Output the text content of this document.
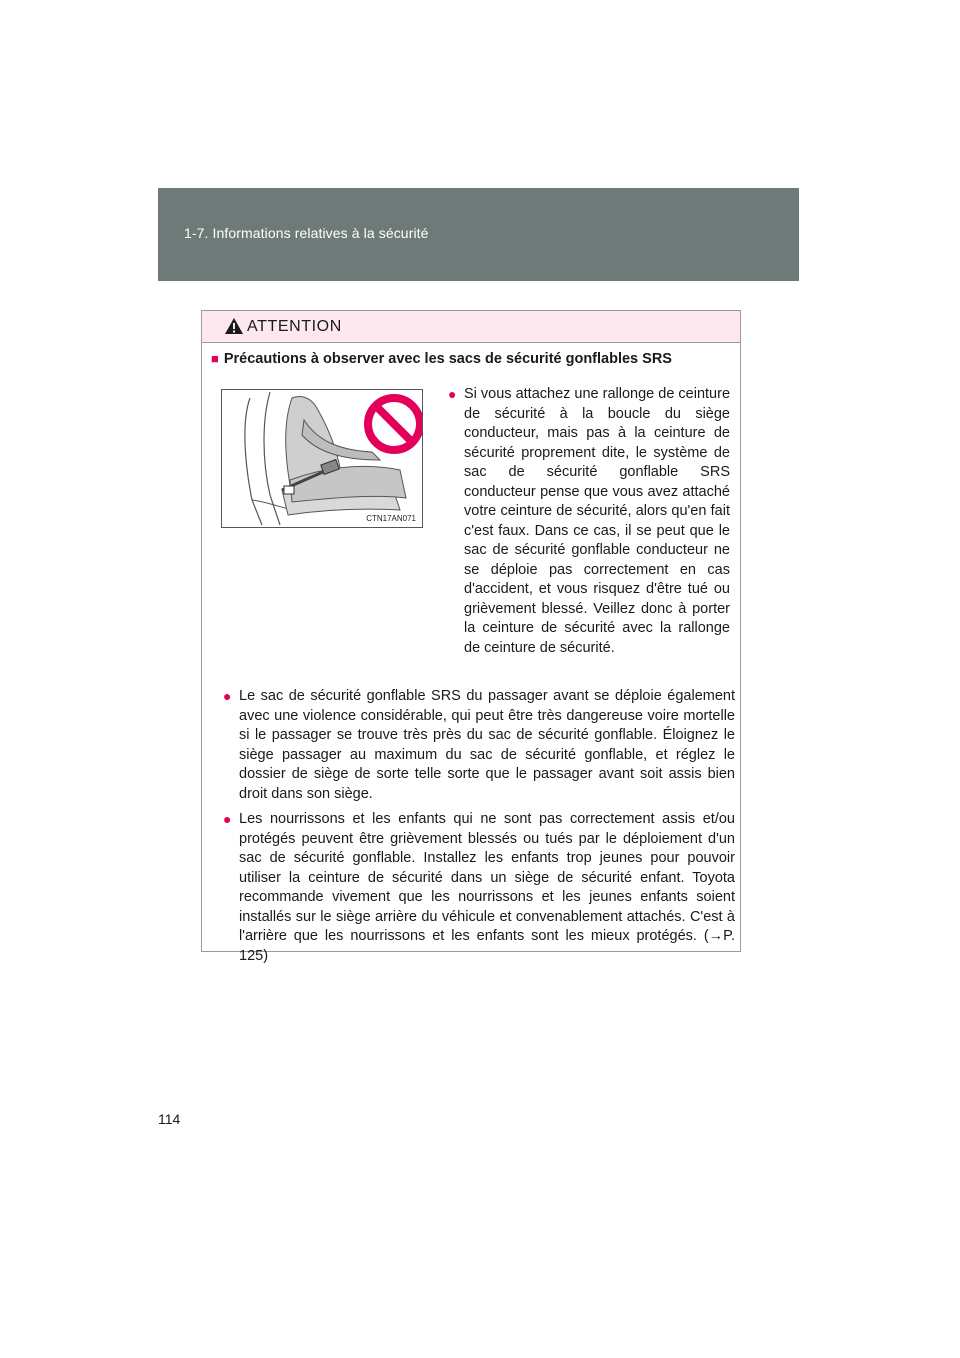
1-7. Informations relatives à la sécurité
ATTENTION
■ Précautions à observer avec les sacs de sécurité gonflables SRS
CTN17AN071
● Si vous attachez une rallonge de ceinture de sécurité à la boucle du siège conducteur, mais pas à la ceinture de sécurité proprement dite, le système de sac de sécurité gonflable SRS conducteur pense que vous avez attaché votre ceinture de sécurité, alors qu'en fait c'est faux. Dans ce cas, il se peut que le sac de sécurité gonflable conducteur ne se déploie pas correctement en cas d'accident, et vous risquez d'être tué ou grièvement blessé. Veillez donc à porter la ceinture de sécurité avec la rallonge de ceinture de sécurité.
● Le sac de sécurité gonflable SRS du passager avant se déploie également avec une violence considérable, qui peut être très dangereuse voire mortelle si le passager se trouve très près du sac de sécurité gonflable. Éloignez le siège passager au maximum du sac de sécurité gonflable, et réglez le dossier de siège de sorte telle sorte que le passager avant soit assis bien droit dans son siège.
● Les nourrissons et les enfants qui ne sont pas correctement assis et/ou protégés peuvent être grièvement blessés ou tués par le déploiement d'un sac de sécurité gonflable. Installez les enfants trop jeunes pour pouvoir utiliser la ceinture de sécurité dans un siège de sécurité enfant. Toyota recommande vivement que les nourrissons et les jeunes enfants soient installés sur le siège arrière du véhicule et convenablement attachés. C'est à l'arrière que les nourrissons et les enfants sont les mieux protégés. (→P. 125)
114
